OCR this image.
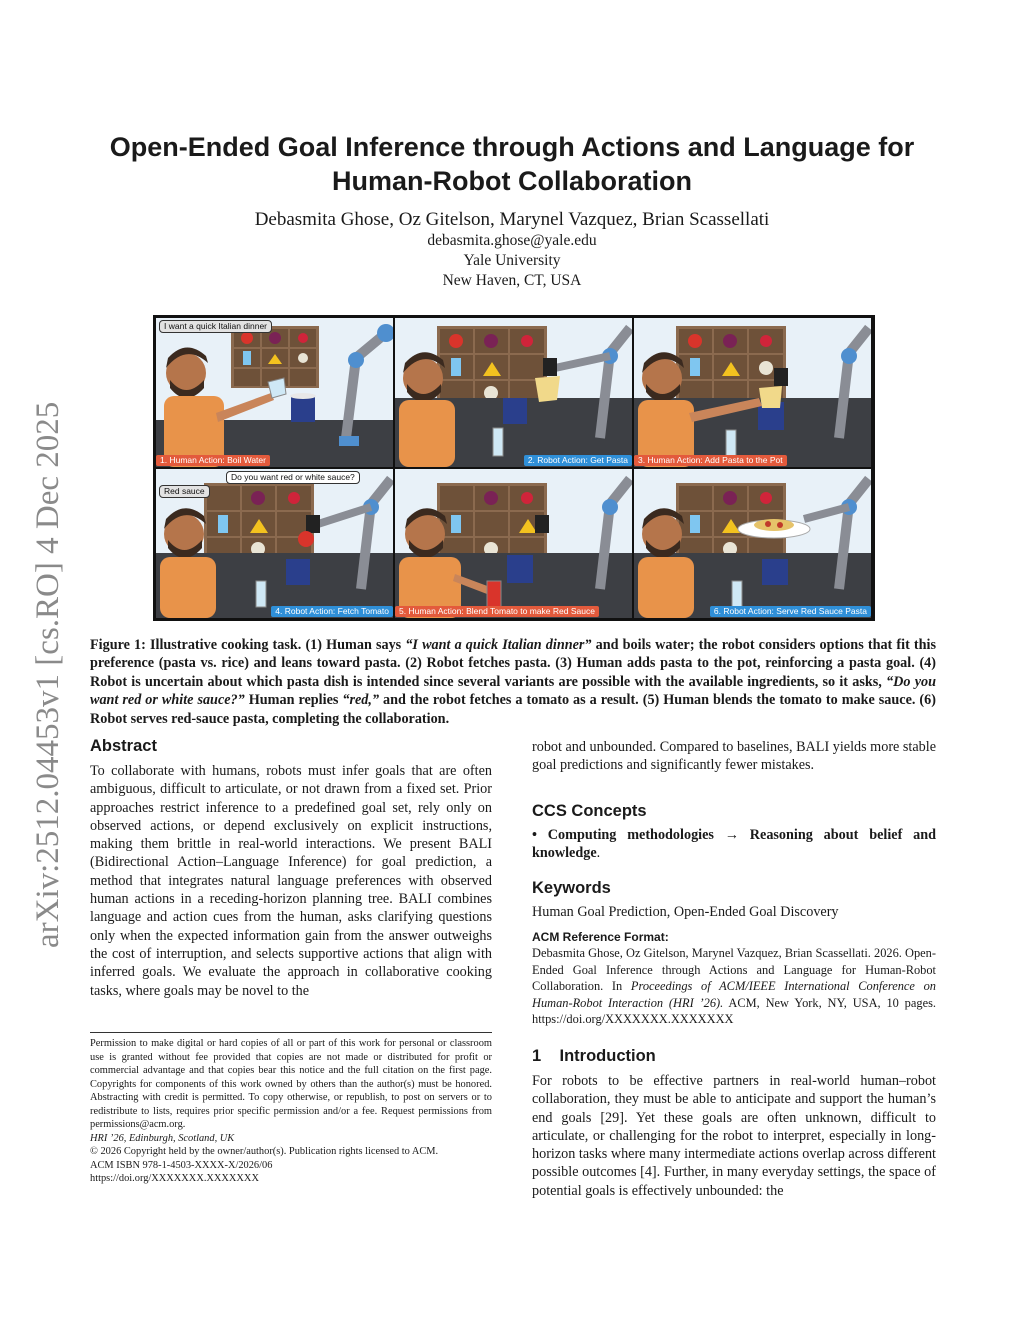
arXiv:2512.04453v1 [cs.RO] 4 Dec 2025
Open-Ended Goal Inference through Actions and Language for
Human-Robot Collaboration
Debasmita Ghose, Oz Gitelson, Marynel Vazquez, Brian Scassellati
debasmita.ghose@yale.edu
Yale University
New Haven, CT, USA
I want a quick Italian dinner
1. Human Action: Boil Water	2. Robot Action: Get Pasta	3. Human Action: Add Pasta to the Pot
Red sauce
Do you want red or white sauce?
4. Robot Action: Fetch Tomato	5. Human Action: Blend Tomato to make Red Sauce	6. Robot Action: Serve Red Sauce Pasta
Figure 1: Illustrative cooking task. (1) Human says “I want a quick Italian dinner” and boils water; the robot considers options that fit this preference (pasta vs. rice) and leans toward pasta. (2) Robot fetches pasta. (3) Human adds pasta to the pot, reinforcing a pasta goal. (4) Robot is uncertain about which pasta dish is intended since several variants are possible with the available ingredients, so it asks, “Do you want red or white sauce?” Human replies “red,” and the robot fetches a tomato as a result. (5) Human blends the tomato to make sauce. (6) Robot serves red-sauce pasta, completing the collaboration.
Abstract

To collaborate with humans, robots must infer goals that are often ambiguous, difficult to articulate, or not drawn from a fixed set. Prior approaches restrict inference to a predefined goal set, rely only on observed actions, or depend exclusively on explicit instructions, making them brittle in real-world interactions. We present BALI (Bidirectional Action–Language Inference) for goal prediction, a method that integrates natural language preferences with observed human actions in a receding-horizon planning tree. BALI combines language and action cues from the human, asks clarifying questions only when the expected information gain from the answer outweighs the cost of interruption, and selects supportive actions that align with inferred goals. We evaluate the approach in collaborative cooking tasks, where goals may be novel to the

Permission to make digital or hard copies of all or part of this work for personal or classroom use is granted without fee provided that copies are not made or distributed for profit or commercial advantage and that copies bear this notice and the full citation on the first page. Copyrights for components of this work owned by others than the author(s) must be honored. Abstracting with credit is permitted. To copy otherwise, or republish, to post on servers or to redistribute to lists, requires prior specific permission and/or a fee. Request permissions from permissions@acm.org.

HRI ’26, Edinburgh, Scotland, UK

© 2026 Copyright held by the owner/author(s). Publication rights licensed to ACM.

ACM ISBN 978-1-4503-XXXX-X/2026/06

https://doi.org/XXXXXXX.XXXXXXX

robot and unbounded. Compared to baselines, BALI yields more stable goal predictions and significantly fewer mistakes.

CCS Concepts

• Computing methodologies → Reasoning about belief and knowledge.

Keywords

Human Goal Prediction, Open-Ended Goal Discovery

ACM Reference Format:

Debasmita Ghose, Oz Gitelson, Marynel Vazquez, Brian Scassellati. 2026. Open-Ended Goal Inference through Actions and Language for Human-Robot Collaboration. In Proceedings of ACM/IEEE International Conference on Human-Robot Interaction (HRI ’26). ACM, New York, NY, USA, 10 pages. https://doi.org/XXXXXXX.XXXXXXX

1    Introduction

For robots to be effective partners in real-world human–robot collaboration, they must be able to anticipate and support the human’s end goals [29]. Yet these goals are often unknown, difficult to articulate, or challenging for the robot to interpret, especially in long-horizon tasks where many intermediate actions overlap across different possible outcomes [4]. Further, in many everyday settings, the space of potential goals is effectively unbounded: the
